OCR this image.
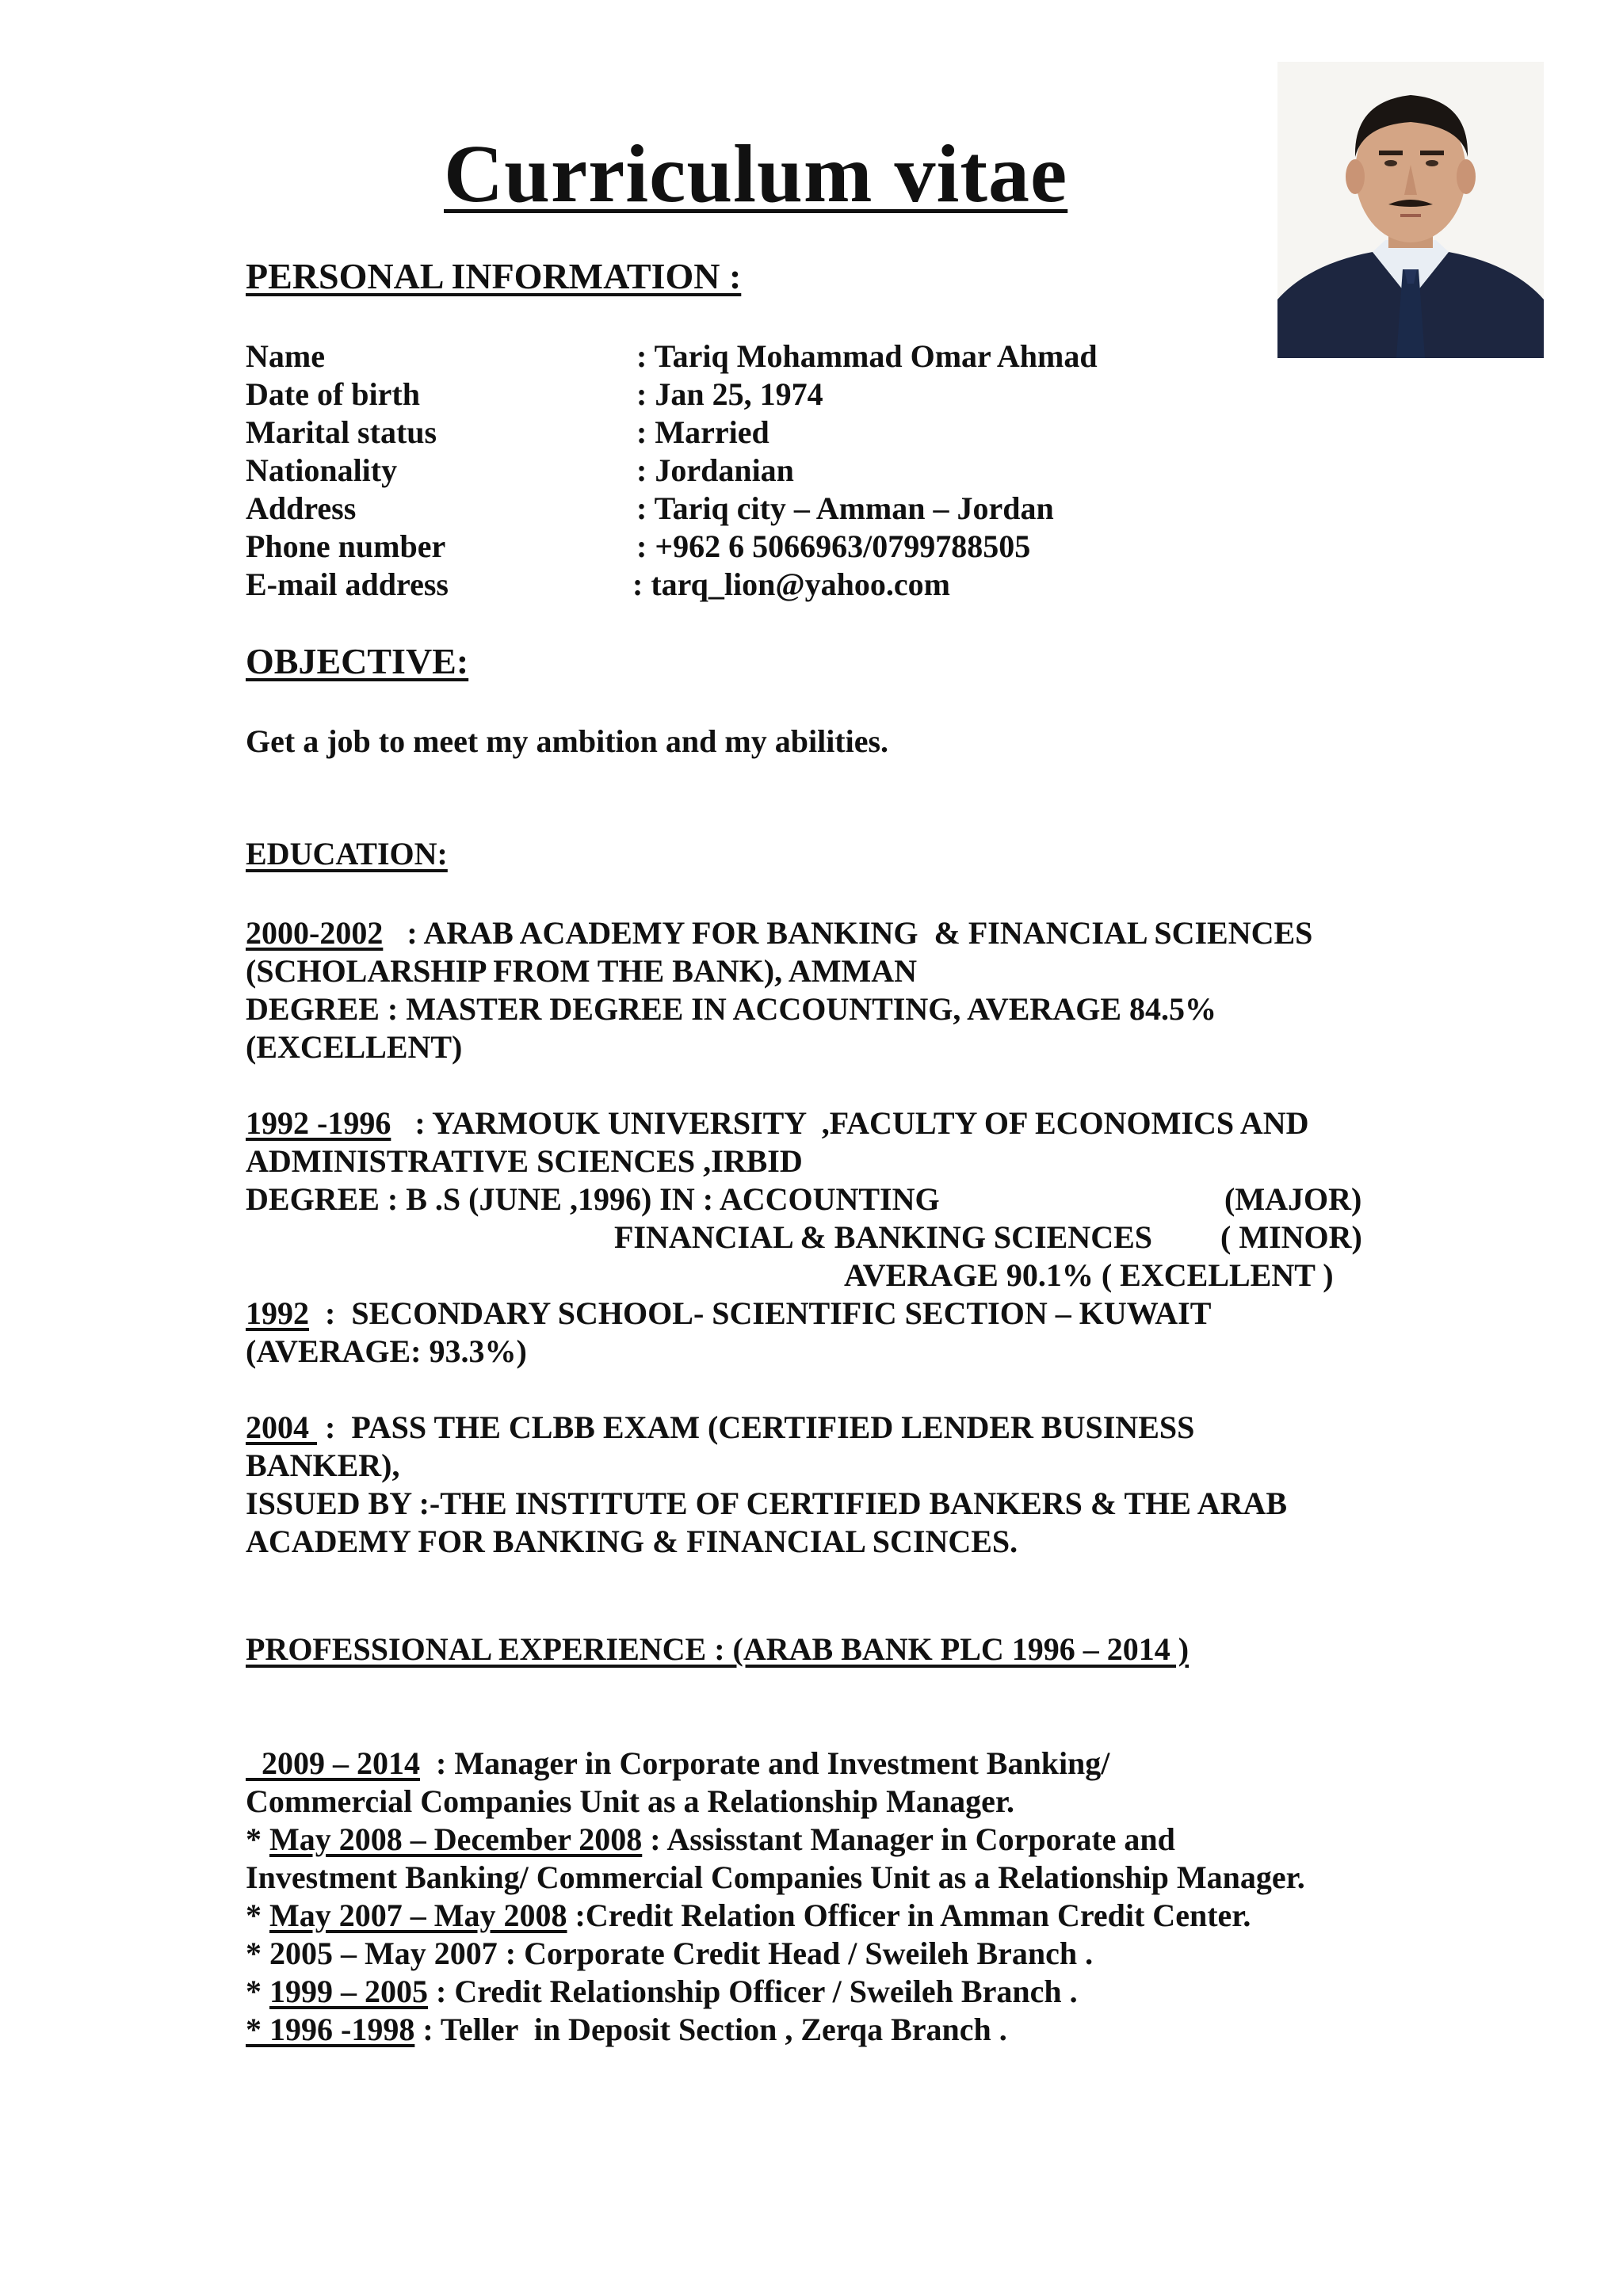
Curriculum vitae
PERSONAL INFORMATION :
Name	: Tariq Mohammad Omar Ahmad
Date of birth	: Jan 25, 1974
Marital status	: Married
Nationality	: Jordanian
Address	: Tariq city – Amman – Jordan
Phone number	: +962 6 5066963/0799788505
E-mail address	: tarq_lion@yahoo.com
OBJECTIVE:
Get a job to meet my ambition and my abilities.
EDUCATION:
2000-2002   : ARAB ACADEMY FOR BANKING  & FINANCIAL SCIENCES
(SCHOLARSHIP FROM THE BANK), AMMAN
DEGREE : MASTER DEGREE IN ACCOUNTING, AVERAGE 84.5%
(EXCELLENT)
1992 -1996   : YARMOUK UNIVERSITY  ,FACULTY OF ECONOMICS AND
ADMINISTRATIVE SCIENCES ,IRBID
DEGREE : B .S (JUNE ,1996) IN : ACCOUNTING	(MAJOR)
FINANCIAL & BANKING SCIENCES ( MINOR)
AVERAGE 90.1% ( EXCELLENT )
1992  :  SECONDARY SCHOOL- SCIENTIFIC SECTION – KUWAIT
(AVERAGE: 93.3%)
2004  :  PASS THE CLBB EXAM (CERTIFIED LENDER BUSINESS
BANKER),
ISSUED BY :-THE INSTITUTE OF CERTIFIED BANKERS & THE ARAB
ACADEMY FOR BANKING & FINANCIAL SCINCES.
PROFESSIONAL EXPERIENCE : (ARAB BANK PLC 1996 – 2014 )
2009 – 2014  : Manager in Corporate and Investment Banking/
Commercial Companies Unit as a Relationship Manager.
* May 2008 – December 2008 : Assisstant Manager in Corporate and
Investment Banking/ Commercial Companies Unit as a Relationship Manager.
* May 2007 – May 2008 :Credit Relation Officer in Amman Credit Center.
* 2005 – May 2007 : Corporate Credit Head / Sweileh Branch .
* 1999 – 2005 : Credit Relationship Officer / Sweileh Branch .
* 1996 -1998 : Teller  in Deposit Section , Zerqa Branch .
